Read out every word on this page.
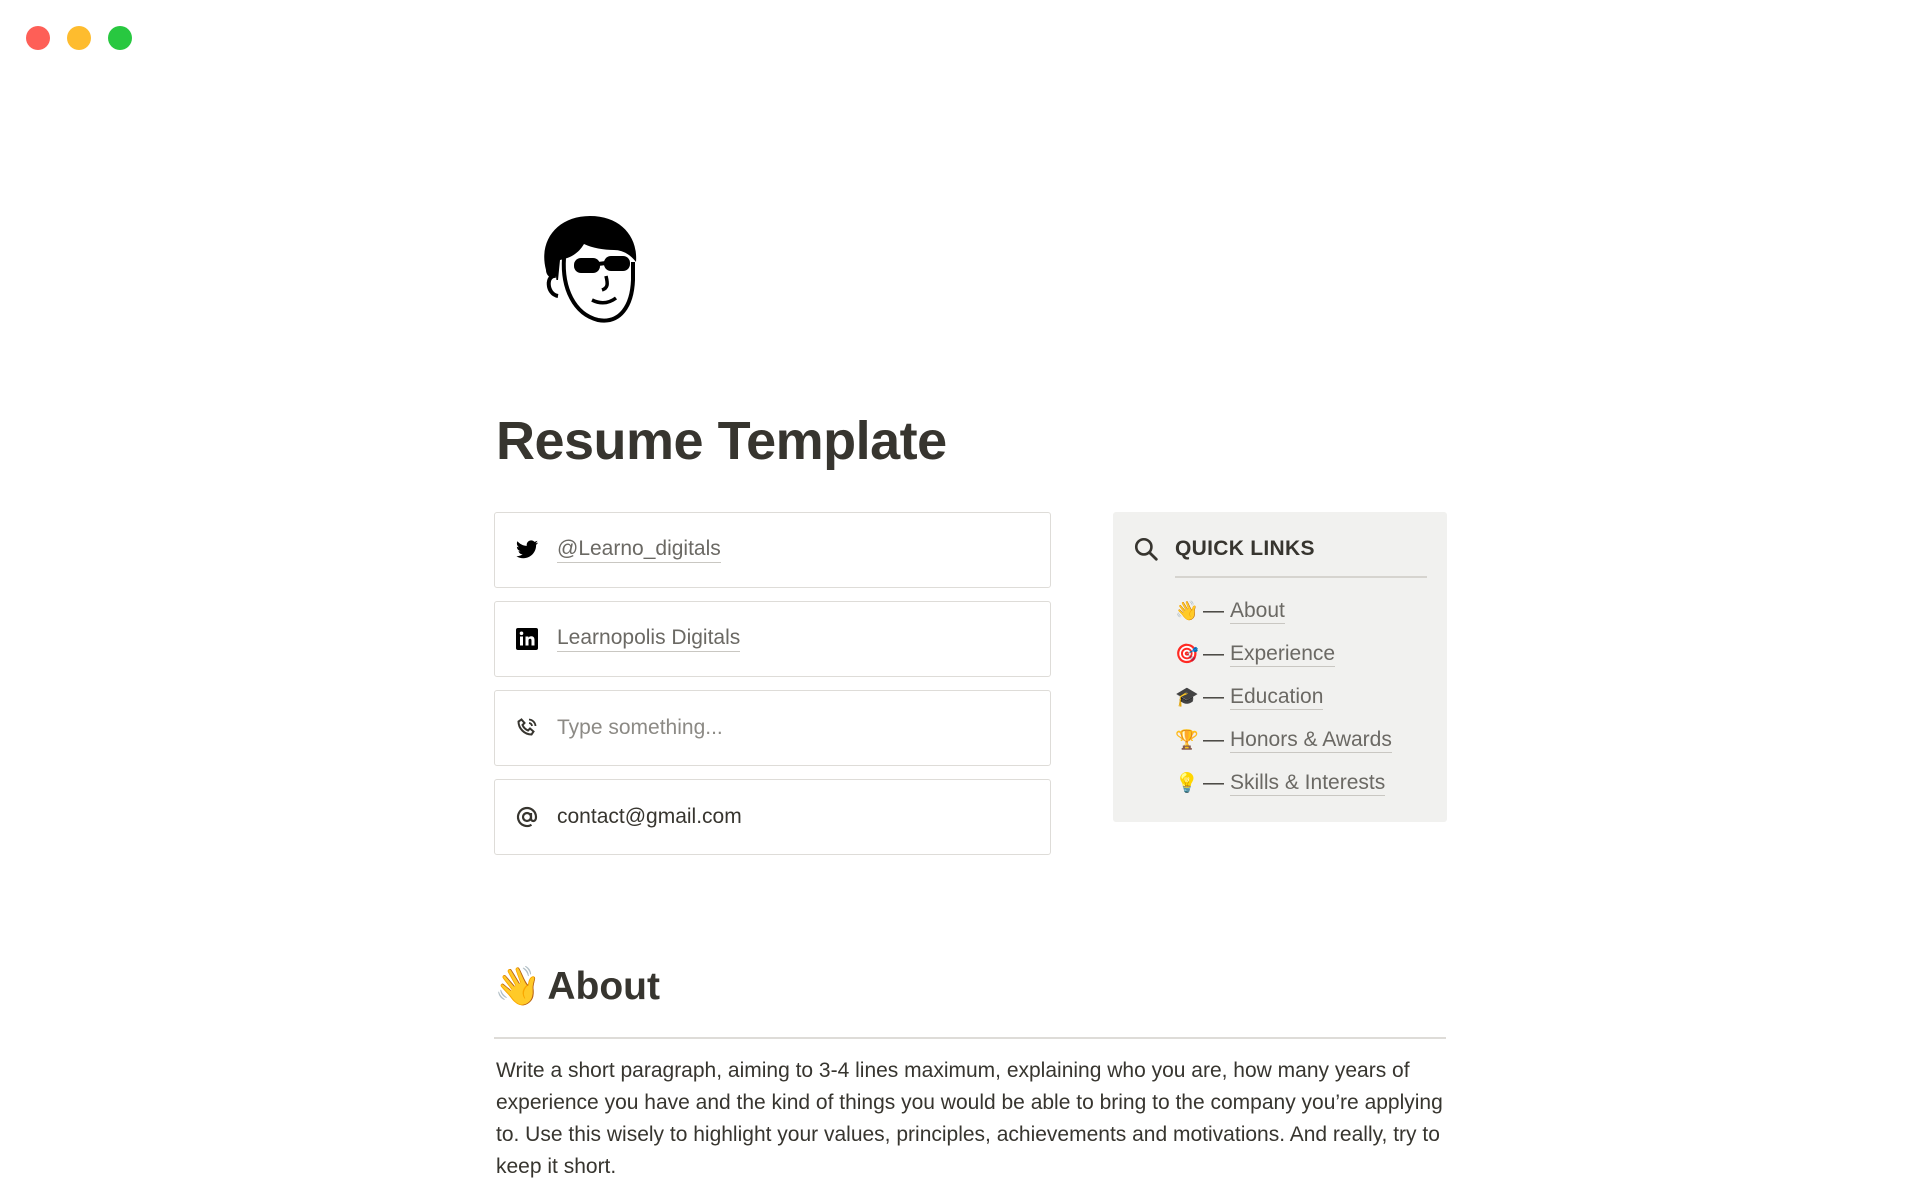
Resume Template
@Learno_digitals
Learnopolis Digitals
Type something...
contact@gmail.com
QUICK LINKS
👋 — About
🎯 — Experience
🎓 — Education
🏆 — Honors & Awards
💡 — Skills & Interests
👋 About

Write a short paragraph, aiming to 3-4 lines maximum, explaining who you are, how many years of experience you have and the kind of things you would be able to bring to the company you’re applying to. Use this wisely to highlight your values, principles, achievements and motivations. And really, try to keep it short.
